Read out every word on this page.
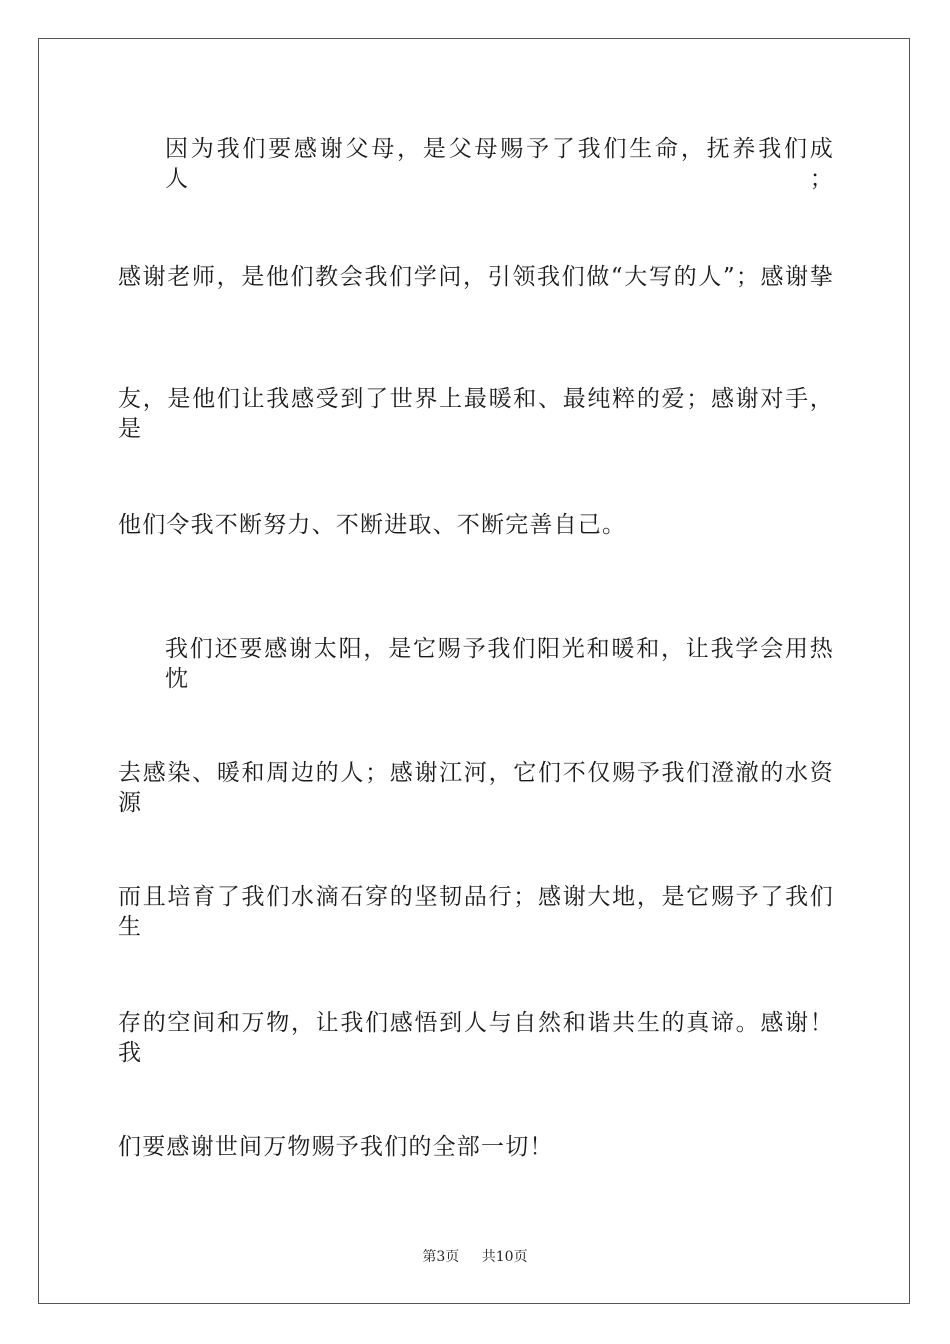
因为我们要感谢父母，是父母赐予了我们生命，抚养我们成人；
感谢老师，是他们教会我们学问，引领我们做“大写的人”；感谢挚
友，是他们让我感受到了世界上最暖和、最纯粹的爱；感谢对手，是
他们令我不断努力、不断进取、不断完善自己。
我们还要感谢太阳，是它赐予我们阳光和暖和，让我学会用热忱
去感染、暖和周边的人；感谢江河，它们不仅赐予我们澄澈的水资源
而且培育了我们水滴石穿的坚韧品行；感谢大地，是它赐予了我们生
存的空间和万物，让我们感悟到人与自然和谐共生的真谛。感谢！我
们要感谢世间万物赐予我们的全部一切！
第3页 共10页
